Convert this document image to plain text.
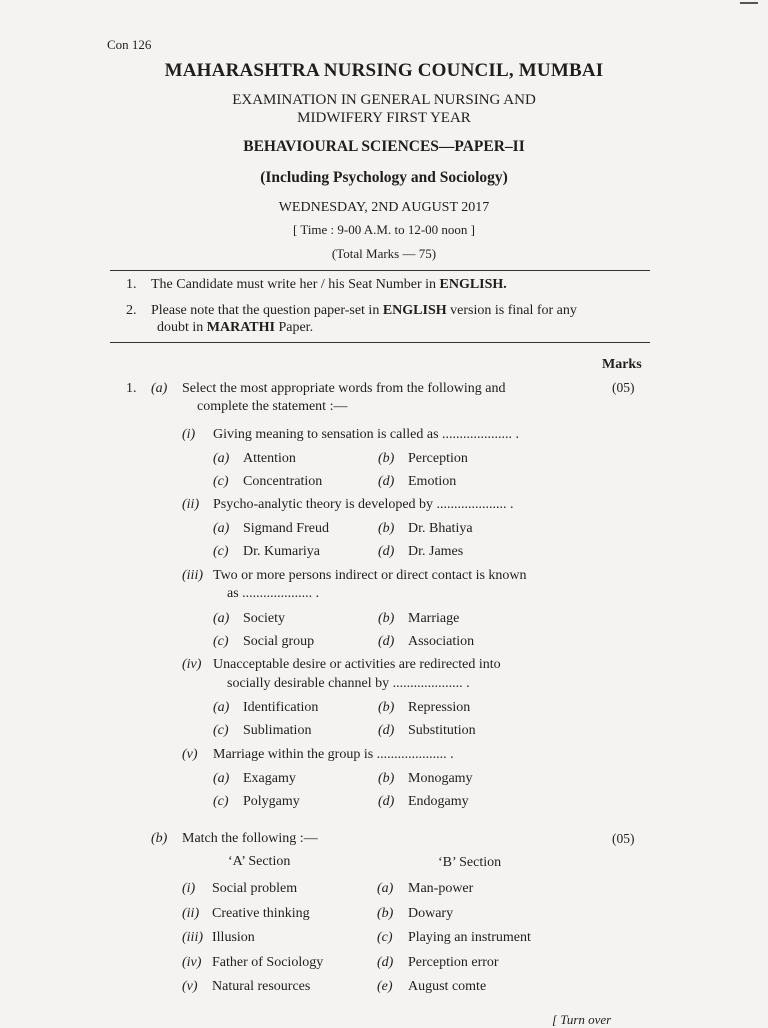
Con 126
MAHARASHTRA NURSING COUNCIL, MUMBAI
EXAMINATION IN GENERAL NURSING AND
MIDWIFERY FIRST YEAR
BEHAVIOURAL SCIENCES—PAPER–II
(Including Psychology and Sociology)
WEDNESDAY, 2ND AUGUST 2017
[ Time : 9-00 A.M. to 12-00 noon ]
(Total Marks — 75)
1. The Candidate must write her / his Seat Number in ENGLISH.
2. Please note that the question paper-set in ENGLISH version is final for any
doubt in MARATHI Paper.
Marks
1. (a) Select the most appropriate words from the following and
complete the statement :—
(05)
(i) Giving meaning to sensation is called as .................... .
(a) Attention	(b) Perception
(c) Concentration	(d) Emotion
(ii) Psycho-analytic theory is developed by .................... .
(a) Sigmand Freud	(b) Dr. Bhatiya
(c) Dr. Kumariya	(d) Dr. James
(iii) Two or more persons indirect or direct contact is known
as .................... .
(a) Society	(b) Marriage
(c) Social group	(d) Association
(iv) Unacceptable desire or activities are redirected into
socially desirable channel by .................... .
(a) Identification	(b) Repression
(c) Sublimation	(d) Substitution
(v) Marriage within the group is .................... .
(a) Exagamy	(b) Monogamy
(c) Polygamy	(d) Endogamy
(b) Match the following :—	(05)
‘A’ Section	‘B’ Section
(i) Social problem	(a) Man-power
(ii) Creative thinking	(b) Dowary
(iii) Illusion	(c) Playing an instrument
(iv) Father of Sociology	(d) Perception error
(v) Natural resources	(e) August comte
[ Turn over
